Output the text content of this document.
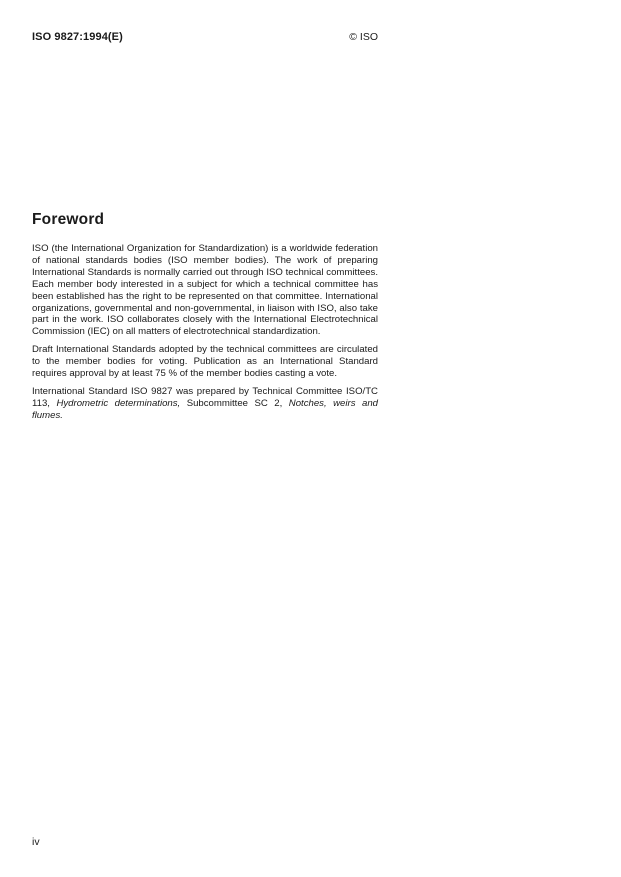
ISO 9827:1994(E)	© ISO
Foreword

ISO (the International Organization for Standardization) is a worldwide federation of national standards bodies (ISO member bodies). The work of preparing International Standards is normally carried out through ISO technical committees. Each member body interested in a subject for which a technical committee has been established has the right to be represented on that committee. International organizations, governmental and non-governmental, in liaison with ISO, also take part in the work. ISO collaborates closely with the International Electrotechnical Commission (IEC) on all matters of electrotechnical standardization.

Draft International Standards adopted by the technical committees are circulated to the member bodies for voting. Publication as an International Standard requires approval by at least 75 % of the member bodies casting a vote.

International Standard ISO 9827 was prepared by Technical Committee ISO/TC 113, Hydrometric determinations, Subcommittee SC 2, Notches, weirs and flumes.

iv
